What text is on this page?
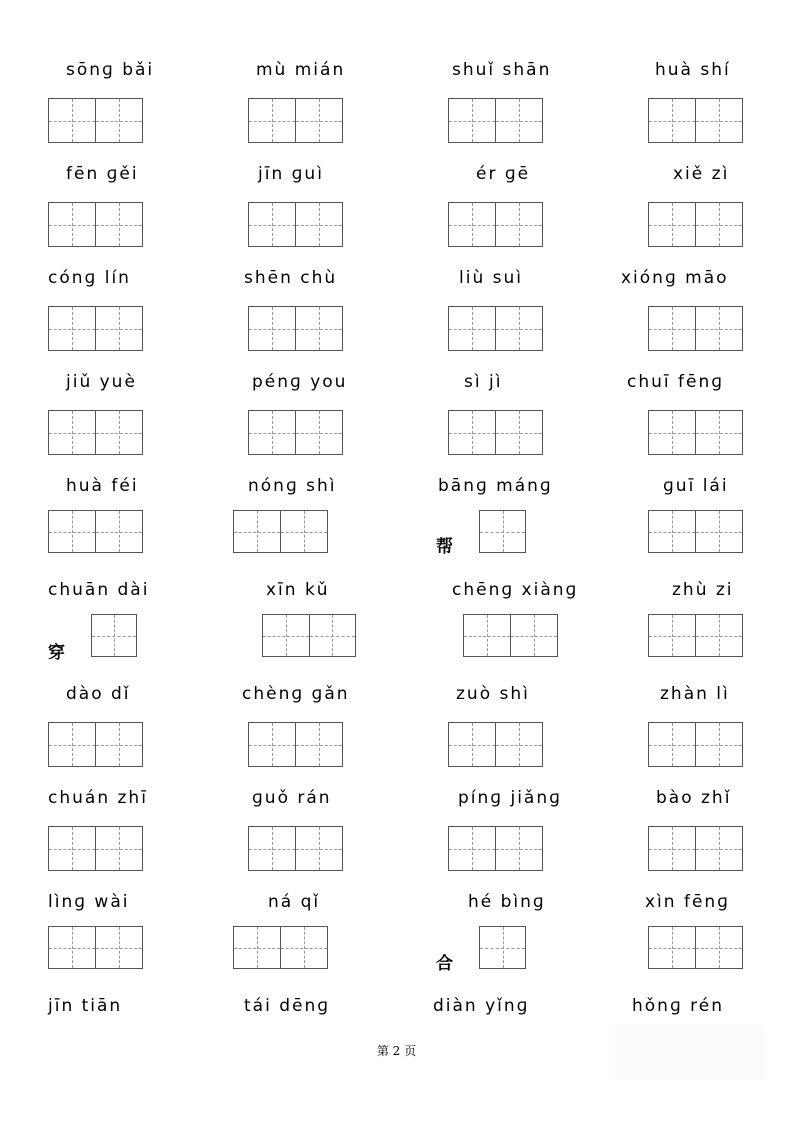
sōnɡ bǎi	mù mián	shuǐ shān	huà shí
fēn ɡěi	jīn ɡuì	ér ɡē	xiě zì
cónɡ lín	shēn chù	liù suì	xiónɡ māo
jiǔ yuè	pénɡ you	sì jì	chuī fēnɡ
huà féi	nónɡ shì	bānɡ mánɡ	ɡuī lái
帮
chuān dài	xīn kǔ	chēnɡ xiànɡ	zhù zi
穿
dào dǐ	chènɡ ɡǎn	zuò shì	zhàn lì
chuán zhī	ɡuǒ rán	pínɡ jiǎnɡ	bào zhǐ
lìnɡ wài	ná qǐ	hé bìnɡ	xìn fēnɡ
合
jīn tiān	tái dēnɡ	diàn yǐnɡ	hǒnɡ rén
第 2 页
